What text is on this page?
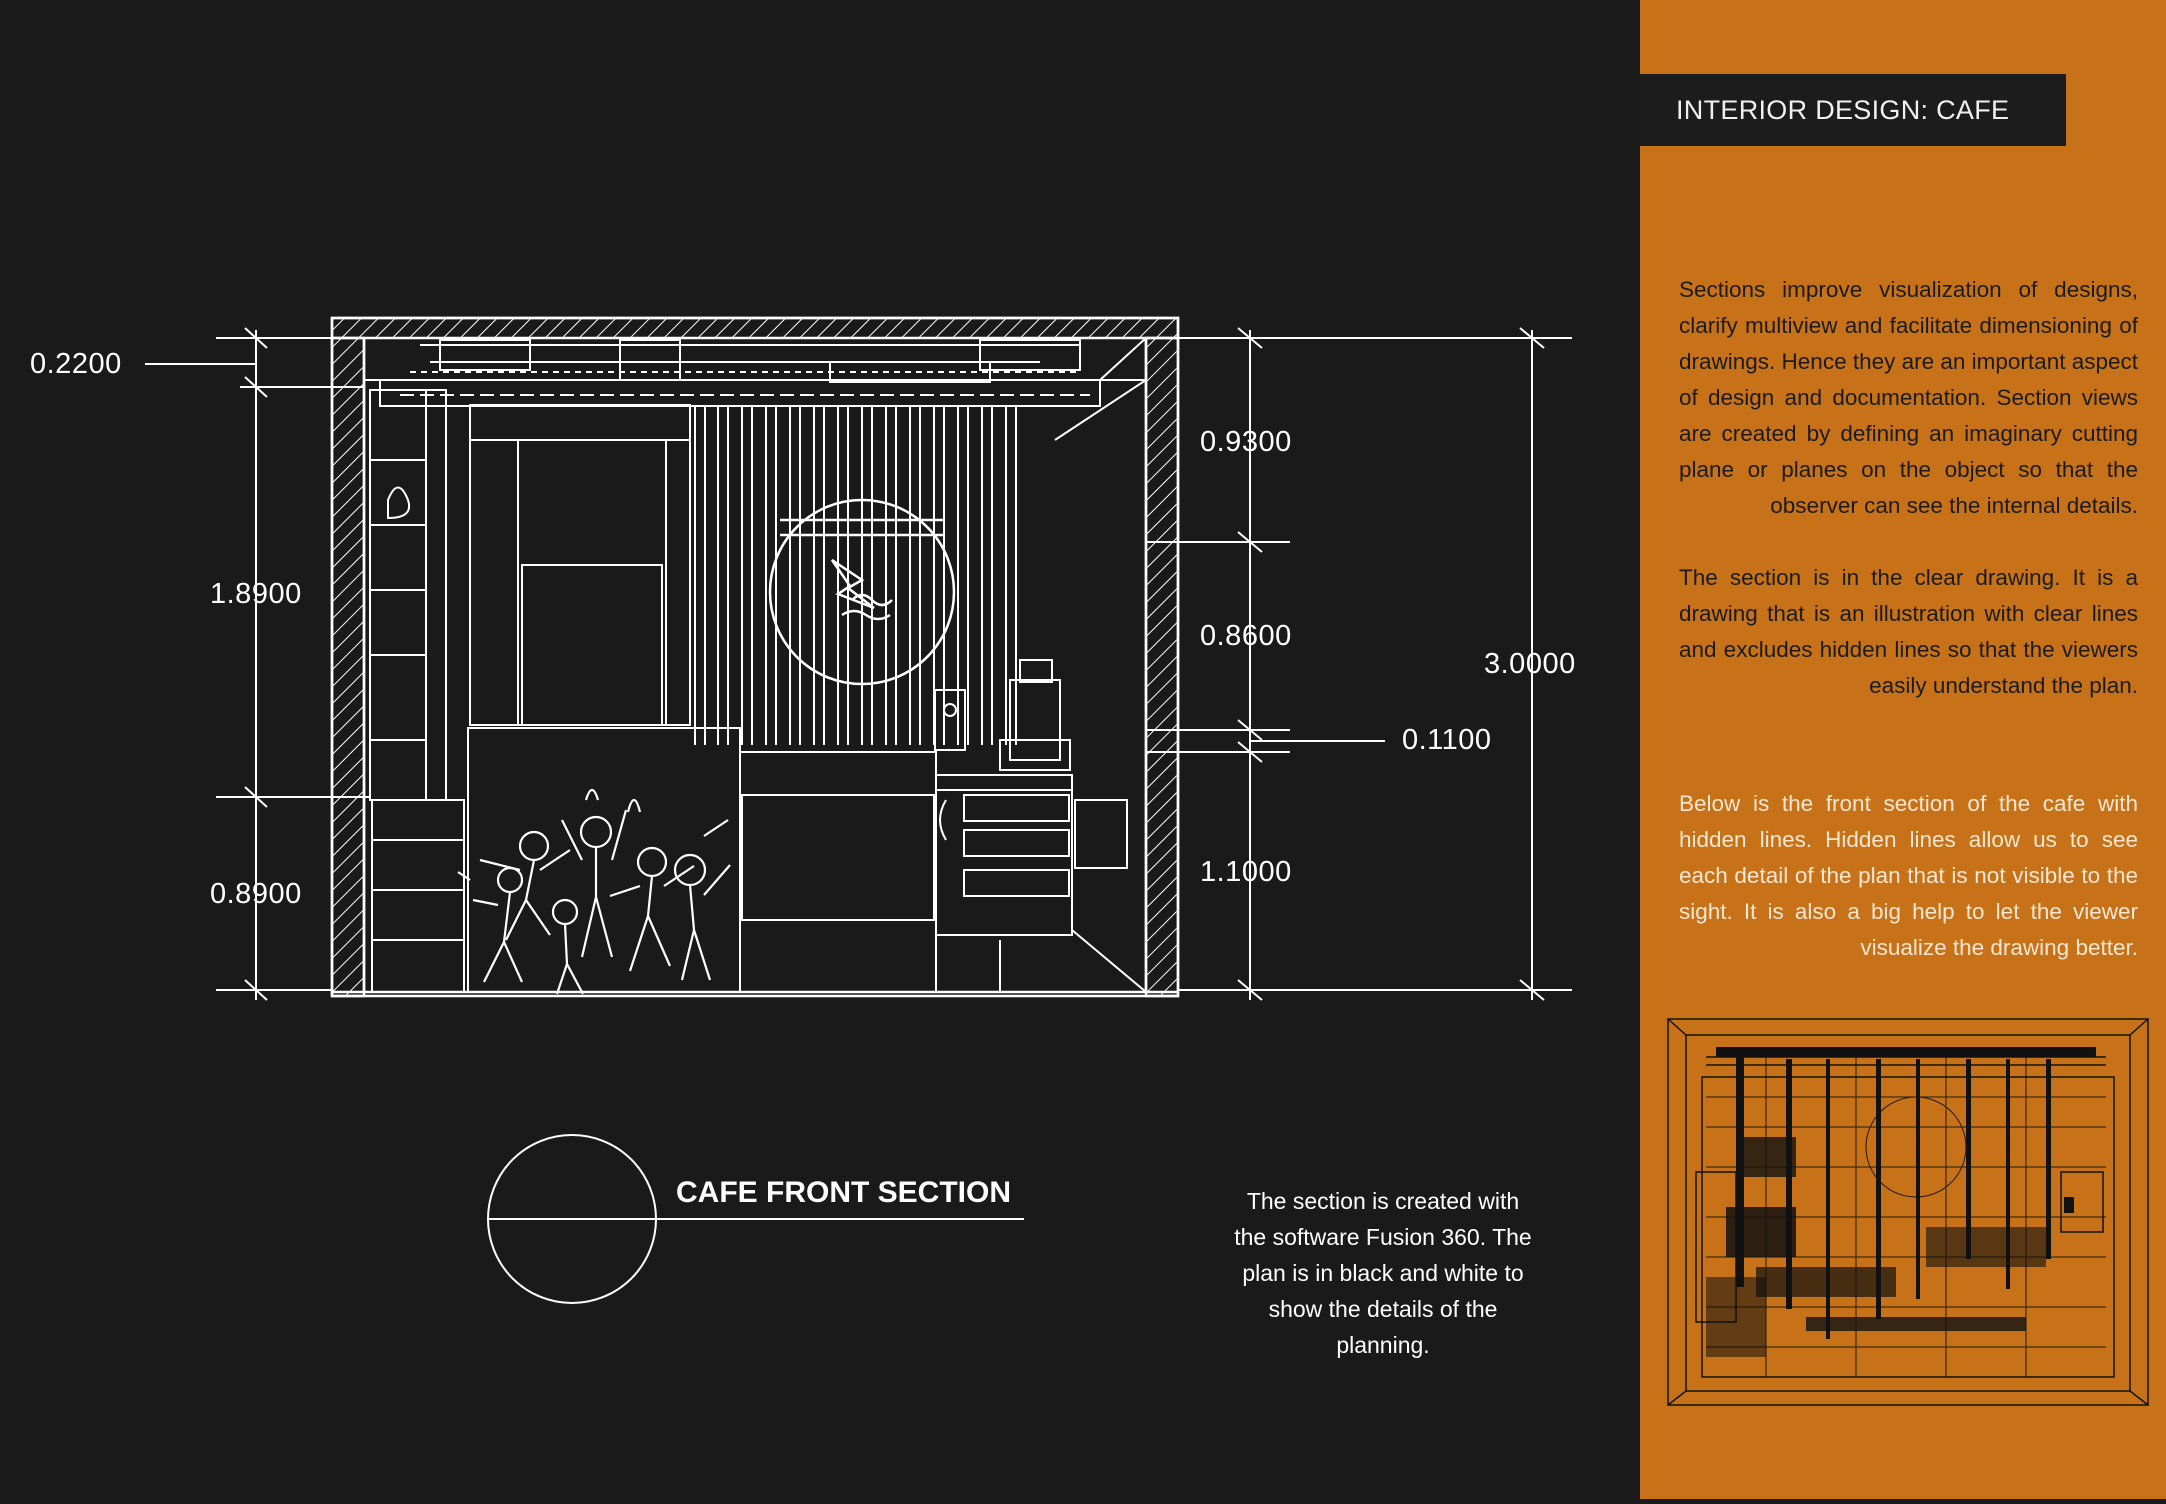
0.2200
1.8900
0.8900
0.9300
0.8600
0.1100
1.1000
3.0000
CAFE FRONT SECTION	The section is created with the software Fusion 360. The plan is in black and white to show the details of the planning.
INTERIOR DESIGN: CAFE
Sections improve visualization of designs, clarify multiview and facilitate dimensioning of drawings. Hence they are an important aspect of design and documentation. Section views are created by defining an imaginary cutting plane or planes on the object so that the observer can see the internal details.
The section is in the clear drawing. It is a drawing that is an illustration with clear lines and excludes hidden lines so that the viewers easily understand the plan.
Below is the front section of the cafe with hidden lines. Hidden lines allow us to see each detail of the plan that is not visible to the sight. It is also a big help to let the viewer visualize the drawing better.
